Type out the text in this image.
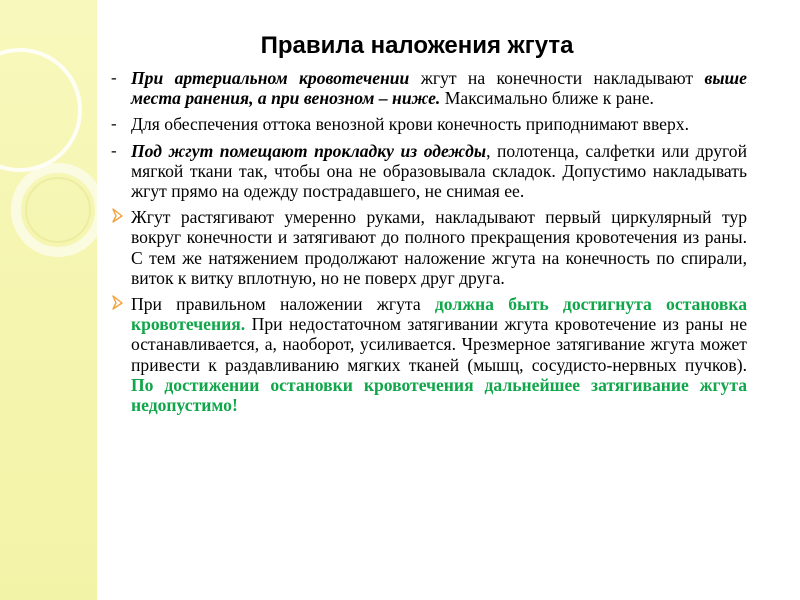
Правила наложения жгута
- При артериальном кровотечении жгут на конечности накладывают выше места ранения, а при венозном – ниже. Максимально ближе к ране.
- Для обеспечения оттока венозной крови конечность приподнимают вверх.
- Под жгут помещают прокладку из одежды, полотенца, салфетки или другой мягкой ткани так, чтобы она не образовывала складок. Допустимо накладывать жгут прямо на одежду пострадавшего, не снимая ее.
Жгут растягивают умеренно руками, накладывают первый циркулярный тур вокруг конечности и затягивают до полного прекращения кровотечения из раны. С тем же натяжением продолжают наложение жгута на конечность по спирали, виток к витку вплотную, но не поверх друг друга.
При правильном наложении жгута должна быть достигнута остановка кровотечения. При недостаточном затягивании жгута кровотечение из раны не останавливается, а, наоборот, усиливается. Чрезмерное затягивание жгута может привести к раздавливанию мягких тканей (мышц, сосудисто-нервных пучков). По достижении остановки кровотечения дальнейшее затягивание жгута недопустимо!
